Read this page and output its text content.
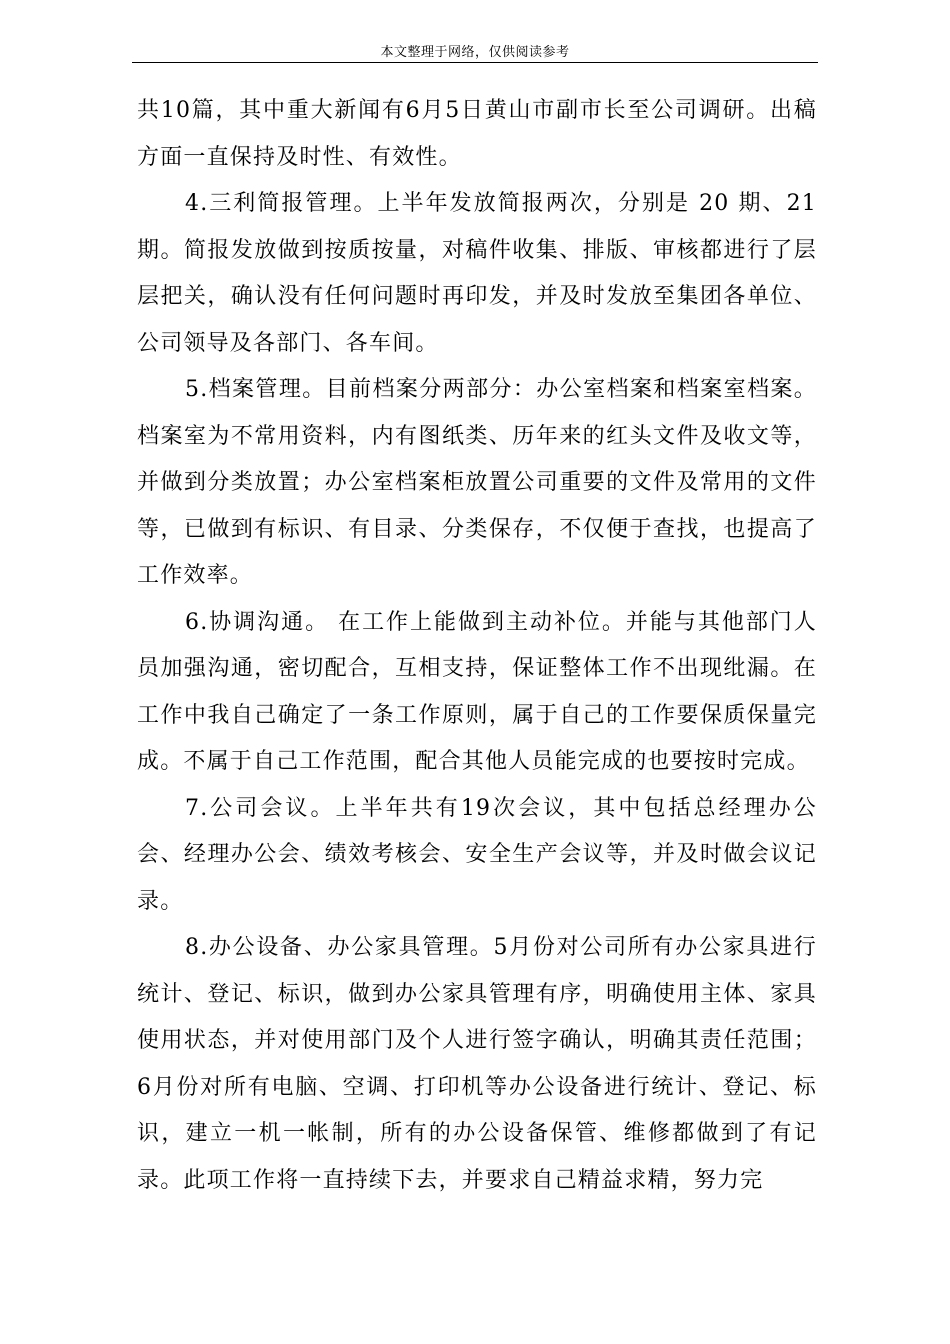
本文整理于网络，仅供阅读参考

共10篇，其中重大新闻有6月5日黄山市副市长至公司调研。出稿方面一直保持及时性、有效性。

4.三利简报管理。上半年发放简报两次，分别是 20 期、21 期。简报发放做到按质按量，对稿件收集、排版、审核都进行了层层把关，确认没有任何问题时再印发，并及时发放至集团各单位、公司领导及各部门、各车间。

5.档案管理。目前档案分两部分：办公室档案和档案室档案。档案室为不常用资料，内有图纸类、历年来的红头文件及收文等，并做到分类放置；办公室档案柜放置公司重要的文件及常用的文件等，已做到有标识、有目录、分类保存，不仅便于查找，也提高了工作效率。

6.协调沟通。 在工作上能做到主动补位。并能与其他部门人员加强沟通，密切配合，互相支持，保证整体工作不出现纰漏。在工作中我自己确定了一条工作原则，属于自己的工作要保质保量完成。不属于自己工作范围，配合其他人员能完成的也要按时完成。

7.公司会议。上半年共有19次会议，其中包括总经理办公会、经理办公会、绩效考核会、安全生产会议等，并及时做会议记录。

8.办公设备、办公家具管理。5月份对公司所有办公家具进行统计、登记、标识，做到办公家具管理有序，明确使用主体、家具使用状态，并对使用部门及个人进行签字确认，明确其责任范围；6月份对所有电脑、空调、打印机等办公设备进行统计、登记、标识，建立一机一帐制，所有的办公设备保管、维修都做到了有记录。此项工作将一直持续下去，并要求自己精益求精，努力完
